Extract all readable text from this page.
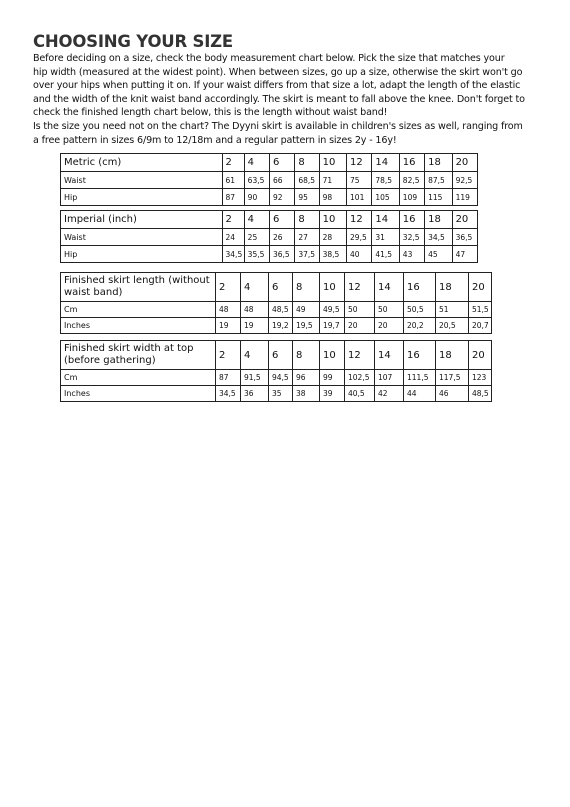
CHOOSING YOUR SIZE

Before deciding on a size, check the body measurement chart below. Pick the size that matches your
hip width (measured at the widest point). When between sizes, go up a size, otherwise the skirt won't go
over your hips when putting it on. If your waist differs from that size a lot, adapt the length of the elastic
and the width of the knit waist band accordingly. The skirt is meant to fall above the knee. Don't forget to
check the finished length chart below, this is the length without waist band!
Is the size you need not on the chart? The Dyyni skirt is available in children's sizes as well, ranging from
a free pattern in sizes 6/9m to 12/18m and a regular pattern in sizes 2y - 16y!

Metric (cm)	2	4	6	8	10	12	14	16	18	20
Waist	61	63,5	66	68,5	71	75	78,5	82,5	87,5	92,5
Hip	87	90	92	95	98	101	105	109	115	119
Imperial (inch)	2	4	6	8	10	12	14	16	18	20
Waist	24	25	26	27	28	29,5	31	32,5	34,5	36,5
Hip	34,5	35,5	36,5	37,5	38,5	40	41,5	43	45	47
Finished skirt length (without waist band)	2	4	6	8	10	12	14	16	18	20
Cm	48	48	48,5	49	49,5	50	50	50,5	51	51,5
Inches	19	19	19,2	19,5	19,7	20	20	20,2	20,5	20,7
Finished skirt width at top (before gathering)	2	4	6	8	10	12	14	16	18	20
Cm	87	91,5	94,5	96	99	102,5	107	111,5	117,5	123
Inches	34,5	36	35	38	39	40,5	42	44	46	48,5
